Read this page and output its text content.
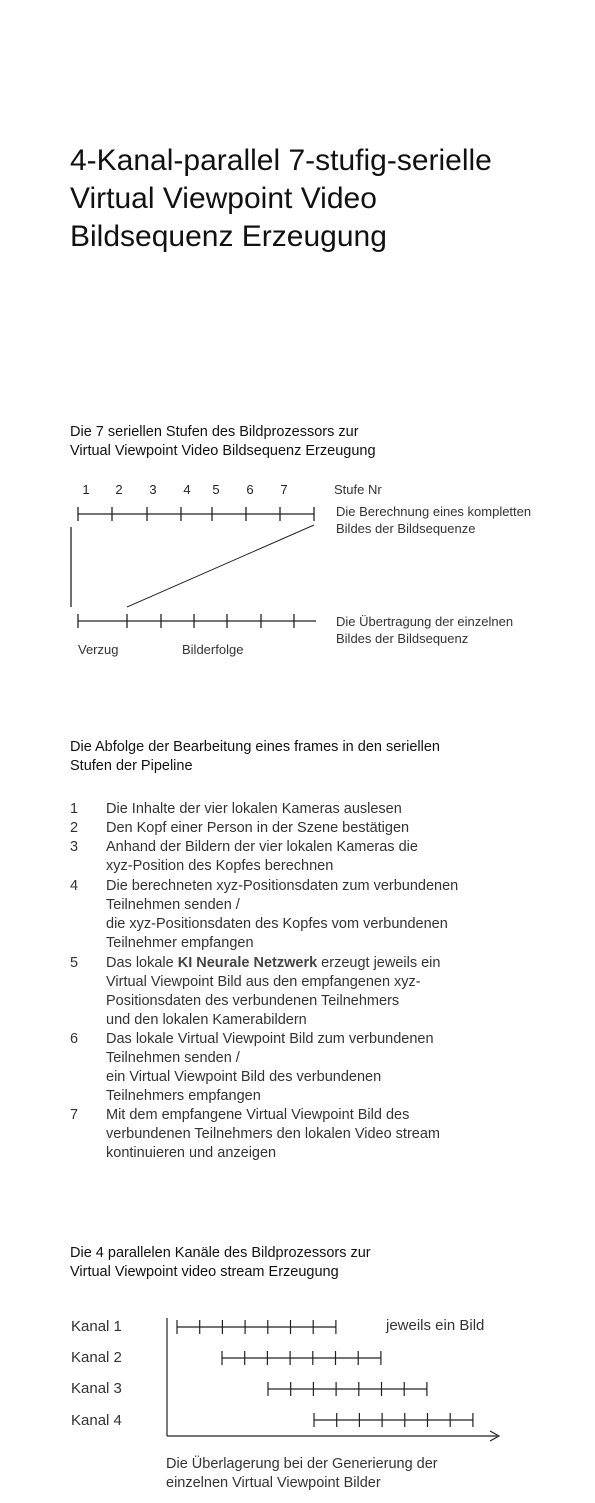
4-Kanal-parallel 7-stufig-serielle
Virtual Viewpoint Video
Bildsequenz Erzeugung
Die 7 seriellen Stufen des Bildprozessors zur
Virtual Viewpoint Video Bildsequenz Erzeugung
1	2	3	4	5	6	7	Stufe Nr
Die Berechnung eines kompletten
Bildes der Bildsequenze
Die Übertragung der einzelnen
Bildes der Bildsequenz
Verzug	Bilderfolge
Die Abfolge der Bearbeitung eines frames in den seriellen
Stufen der Pipeline
1 Die Inhalte der vier lokalen Kameras auslesen
2 Den Kopf einer Person in der Szene bestätigen
3 Anhand der Bildern der vier lokalen Kameras die
xyz-Position des Kopfes berechnen
4 Die berechneten xyz-Positionsdaten zum verbundenen
Teilnehmen senden /
die xyz-Positionsdaten des Kopfes vom verbundenen
Teilnehmer empfangen
5 Das lokale KI Neurale Netzwerk erzeugt jeweils ein
Virtual Viewpoint Bild aus den empfangenen xyz-
Positionsdaten des verbundenen Teilnehmers
und den lokalen Kamerabildern
6 Das lokale Virtual Viewpoint Bild zum verbundenen
Teilnehmen senden /
ein Virtual Viewpoint Bild des verbundenen
Teilnehmers empfangen
7 Mit dem empfangene Virtual Viewpoint Bild des
verbundenen Teilnehmers den lokalen Video stream
kontinuieren und anzeigen
Die 4 parallelen Kanäle des Bildprozessors zur
Virtual Viewpoint video stream Erzeugung
Kanal 1
Kanal 2
Kanal 3
Kanal 4
jeweils ein Bild
Die Überlagerung bei der Generierung der
einzelnen Virtual Viewpoint Bilder
